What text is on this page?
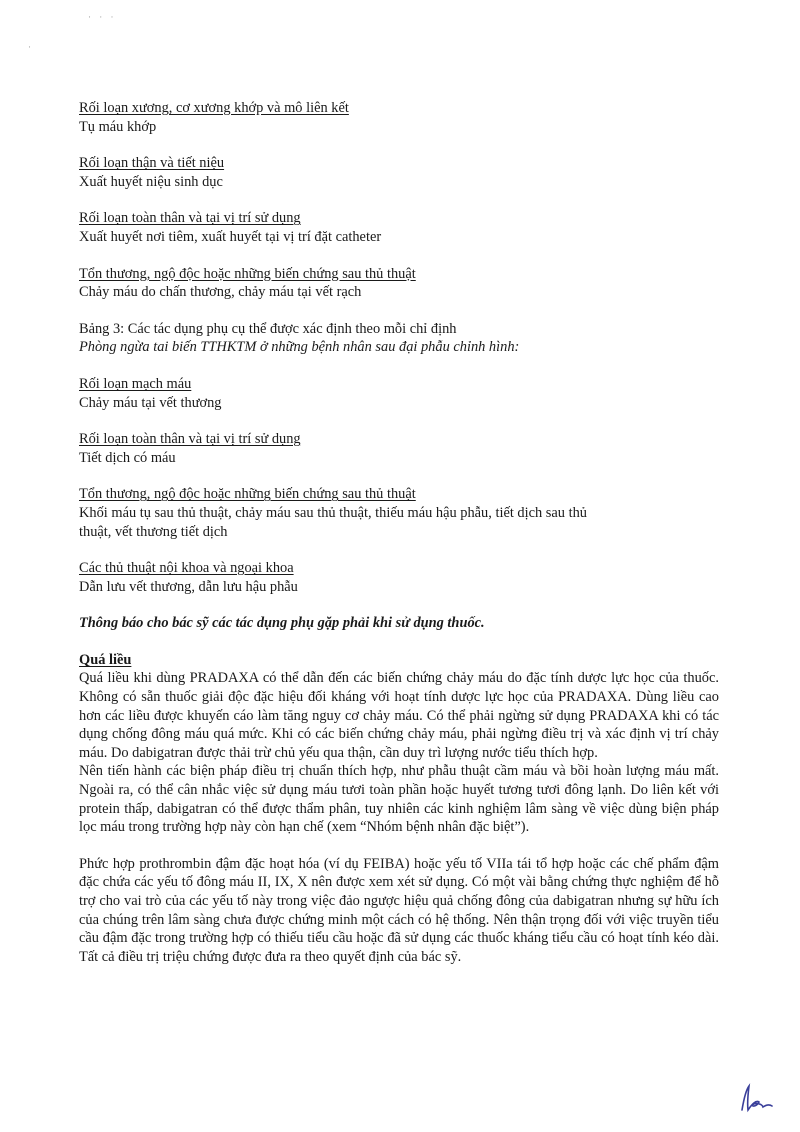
· · ·
·
Rối loạn xương, cơ xương khớp và mô liên kết
Tụ máu khớp
Rối loạn thận và tiết niệu
Xuất huyết niệu sinh dục
Rối loạn toàn thân và tại vị trí sử dụng
Xuất huyết nơi tiêm, xuất huyết tại vị trí đặt catheter
Tổn thương, ngộ độc hoặc những biến chứng sau thủ thuật
Chảy máu do chấn thương, chảy máu tại vết rạch
Bảng 3: Các tác dụng phụ cụ thể được xác định theo mỗi chỉ định
Phòng ngừa tai biến TTHKTM ở những bệnh nhân sau đại phẫu chỉnh hình:
Rối loạn mạch máu
Chảy máu tại vết thương
Rối loạn toàn thân và tại vị trí sử dụng
Tiết dịch có máu
Tổn thương, ngộ độc hoặc những biến chứng sau thủ thuật
Khối máu tụ sau thủ thuật, chảy máu sau thủ thuật, thiếu máu hậu phẫu, tiết dịch sau thủ
thuật, vết thương tiết dịch
Các thủ thuật nội khoa và ngoại khoa
Dẫn lưu vết thương, dẫn lưu hậu phẫu
Thông báo cho bác sỹ các tác dụng phụ gặp phải khi sử dụng thuốc.
Quá liều

Quá liều khi dùng PRADAXA có thể dẫn đến các biến chứng chảy máu do đặc tính dược lực học của thuốc. Không có sẵn thuốc giải độc đặc hiệu đối kháng với hoạt tính dược lực học của PRADAXA. Dùng liều cao hơn các liều được khuyến cáo làm tăng nguy cơ chảy máu. Có thể phải ngừng sử dụng PRADAXA khi có tác dụng chống đông máu quá mức. Khi có các biến chứng chảy máu, phải ngừng điều trị và xác định vị trí chảy máu. Do dabigatran được thải trừ chủ yếu qua thận, cần duy trì lượng nước tiểu thích hợp.

Nên tiến hành các biện pháp điều trị chuẩn thích hợp, như phẫu thuật cầm máu và bồi hoàn lượng máu mất. Ngoài ra, có thể cân nhắc việc sử dụng máu tươi toàn phần hoặc huyết tương tươi đông lạnh. Do liên kết với protein thấp, dabigatran có thể được thẩm phân, tuy nhiên các kinh nghiệm lâm sàng về việc dùng biện pháp lọc máu trong trường hợp này còn hạn chế (xem “Nhóm bệnh nhân đặc biệt”).

Phức hợp prothrombin đậm đặc hoạt hóa (ví dụ FEIBA) hoặc yếu tố VIIa tái tổ hợp hoặc các chế phẩm đậm đặc chứa các yếu tố đông máu II, IX, X nên được xem xét sử dụng. Có một vài bằng chứng thực nghiệm để hỗ trợ cho vai trò của các yếu tố này trong việc đảo ngược hiệu quả chống đông của dabigatran nhưng sự hữu ích của chúng trên lâm sàng chưa được chứng minh một cách có hệ thống. Nên thận trọng đối với việc truyền tiểu cầu đậm đặc trong trường hợp có thiếu tiểu cầu hoặc đã sử dụng các thuốc kháng tiểu cầu có hoạt tính kéo dài. Tất cả điều trị triệu chứng được đưa ra theo quyết định của bác sỹ.
